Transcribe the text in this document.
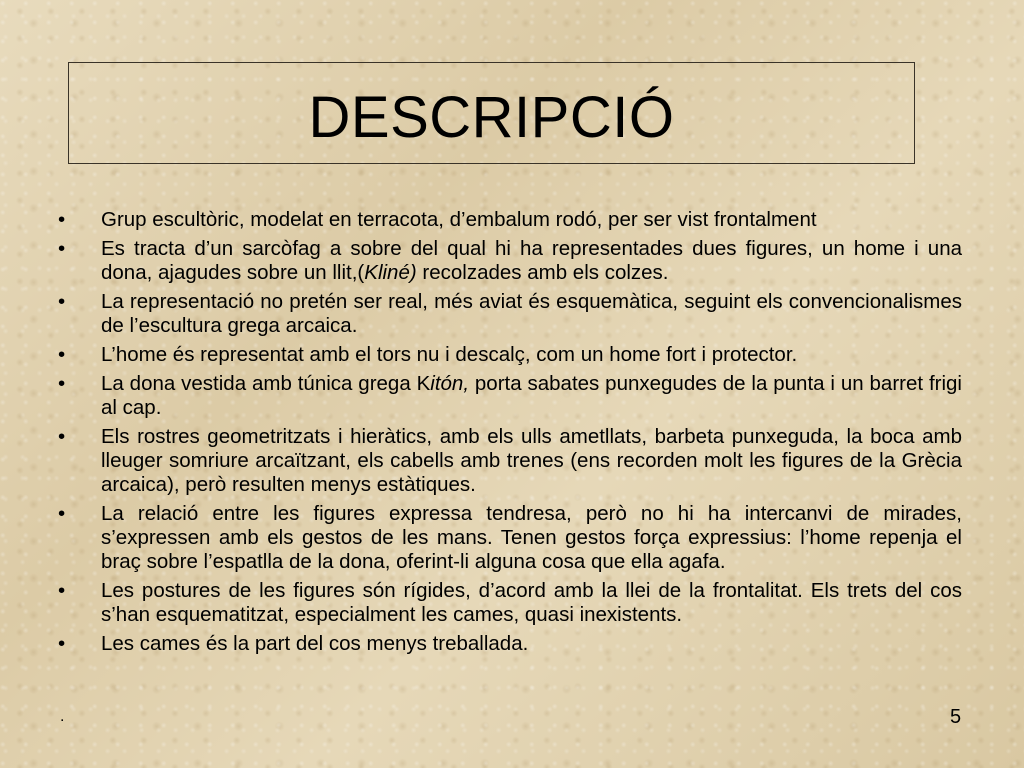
DESCRIPCIÓ
•	Grup escultòric, modelat en terracota, d’embalum rodó, per ser vist frontalment
•	Es tracta d’un sarcòfag a sobre del qual hi ha representades dues figures, un home i una dona, ajagudes sobre un llit,(Kliné) recolzades amb els colzes.
•	La representació no pretén ser real, més aviat és esquemàtica, seguint els convencionalismes de l’escultura grega arcaica.
•	L’home és representat amb el tors nu i descalç, com un home fort i protector.
•	La dona vestida amb túnica grega Kitón, porta sabates punxegudes de la punta i un barret frigi al cap.
•	Els rostres geometritzats i hieràtics, amb els ulls ametllats, barbeta punxeguda, la boca amb lleuger somriure arcaïtzant, els cabells amb trenes (ens recorden molt les figures de la Grècia arcaica), però resulten menys estàtiques.
•	La relació entre les figures expressa tendresa, però no hi ha intercanvi de mirades, s’expressen amb els gestos de les mans. Tenen gestos força expressius: l’home repenja el braç sobre l’espatlla de la dona, oferint-li alguna cosa que ella agafa.
•	Les postures de les figures són rígides, d’acord amb la llei de la frontalitat. Els trets del cos s’han esquematitzat, especialment les cames, quasi inexistents.
•	Les cames és la part del cos menys treballada.
.	5
